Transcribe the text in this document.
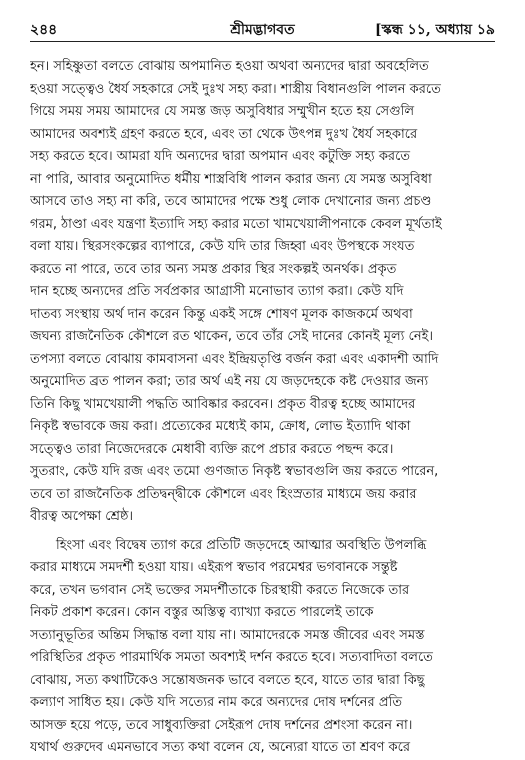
২৪৪	শ্রীমদ্ভাগবত	[স্কন্ধ ১১, অধ্যায় ১৯
হন। সহিষ্ণুতা বলতে বোঝায় অপমানিত হওয়া অথবা অন্যদের দ্বারা অবহেলিত
হওয়া সত্ত্বেও ধৈর্য সহকারে সেই দুঃখ সহ্য করা। শাস্ত্রীয় বিধানগুলি পালন করতে
গিয়ে সময় সময় আমাদের যে সমস্ত জড় অসুবিধার সম্মুখীন হতে হয় সেগুলি
আমাদের অবশ্যই গ্রহণ করতে হবে, এবং তা থেকে উৎপন্ন দুঃখ ধৈর্য সহকারে
সহ্য করতে হবে। আমরা যদি অন্যদের দ্বারা অপমান এবং কটুক্তি সহ্য করতে
না পারি, আবার অনুমোদিত ধর্মীয় শাস্ত্রবিধি পালন করার জন্য যে সমস্ত অসুবিধা
আসবে তাও সহ্য না করি, তবে আমাদের পক্ষে শুধু লোক দেখানোর জন্য প্রচণ্ড
গরম, ঠাণ্ডা এবং যন্ত্রণা ইত্যাদি সহ্য করার মতো খামখেয়ালীপনাকে কেবল মূর্খতাই
বলা যায়। স্থিরসংকল্পের ব্যাপারে, কেউ যদি তার জিহ্বা এবং উপস্থকে সংযত
করতে না পারে, তবে তার অন্য সমস্ত প্রকার স্থির সংকল্পই অনর্থক। প্রকৃত
দান হচ্ছে অন্যদের প্রতি সর্বপ্রকার আগ্রাসী মনোভাব ত্যাগ করা। কেউ যদি
দাতব্য সংস্থায় অর্থ দান করেন কিন্তু একই সঙ্গে শোষণ মূলক কাজকর্মে অথবা
জঘন্য রাজনৈতিক কৌশলে রত থাকেন, তবে তাঁর সেই দানের কোনই মূল্য নেই।
তপস্যা বলতে বোঝায় কামবাসনা এবং ইন্দ্রিয়তৃপ্তি বর্জন করা এবং একাদশী আদি
অনুমোদিত ব্রত পালন করা; তার অর্থ এই নয় যে জড়দেহকে কষ্ট দেওয়ার জন্য
তিনি কিছু খামখেয়ালী পদ্ধতি আবিষ্কার করবেন। প্রকৃত বীরত্ব হচ্ছে আমাদের
নিকৃষ্ট স্বভাবকে জয় করা। প্রত্যেকের মধ্যেই কাম, ক্রোধ, লোভ ইত্যাদি থাকা
সত্ত্বেও তারা নিজেদেরকে মেধাবী ব্যক্তি রূপে প্রচার করতে পছন্দ করে।
সুতরাং, কেউ যদি রজ এবং তমো গুণজাত নিকৃষ্ট স্বভাবগুলি জয় করতে পারেন,
তবে তা রাজনৈতিক প্রতিদ্বন্দ্বীকে কৌশলে এবং হিংস্রতার মাধ্যমে জয় করার
বীরত্ব অপেক্ষা শ্রেষ্ঠ।
হিংসা এবং বিদ্বেষ ত্যাগ করে প্রতিটি জড়দেহে আত্মার অবস্থিতি উপলব্ধি
করার মাধ্যমে সমদর্শী হওয়া যায়। এইরূপ স্বভাব পরমেশ্বর ভগবানকে সন্তুষ্ট
করে, তখন ভগবান সেই ভক্তের সমদর্শীতাকে চিরস্থায়ী করতে নিজেকে তার
নিকট প্রকাশ করেন। কোন বস্তুর অস্তিত্ব ব্যাখ্যা করতে পারলেই তাকে
সত্যানুভূতির অন্তিম সিদ্ধান্ত বলা যায় না। আমাদেরকে সমস্ত জীবের এবং সমস্ত
পরিস্থিতির প্রকৃত পারমার্থিক সমতা অবশ্যই দর্শন করতে হবে। সত্যবাদিতা বলতে
বোঝায়, সত্য কথাটিকেও সন্তোষজনক ভাবে বলতে হবে, যাতে তার দ্বারা কিছু
কল্যাণ সাধিত হয়। কেউ যদি সত্যের নাম করে অন্যদের দোষ দর্শনের প্রতি
আসক্ত হয়ে পড়ে, তবে সাধুব্যক্তিরা সেইরূপ দোষ দর্শনের প্রশংসা করেন না।
যথার্থ গুরুদেব এমনভাবে সত্য কথা বলেন যে, অন্যেরা যাতে তা শ্রবণ করে
